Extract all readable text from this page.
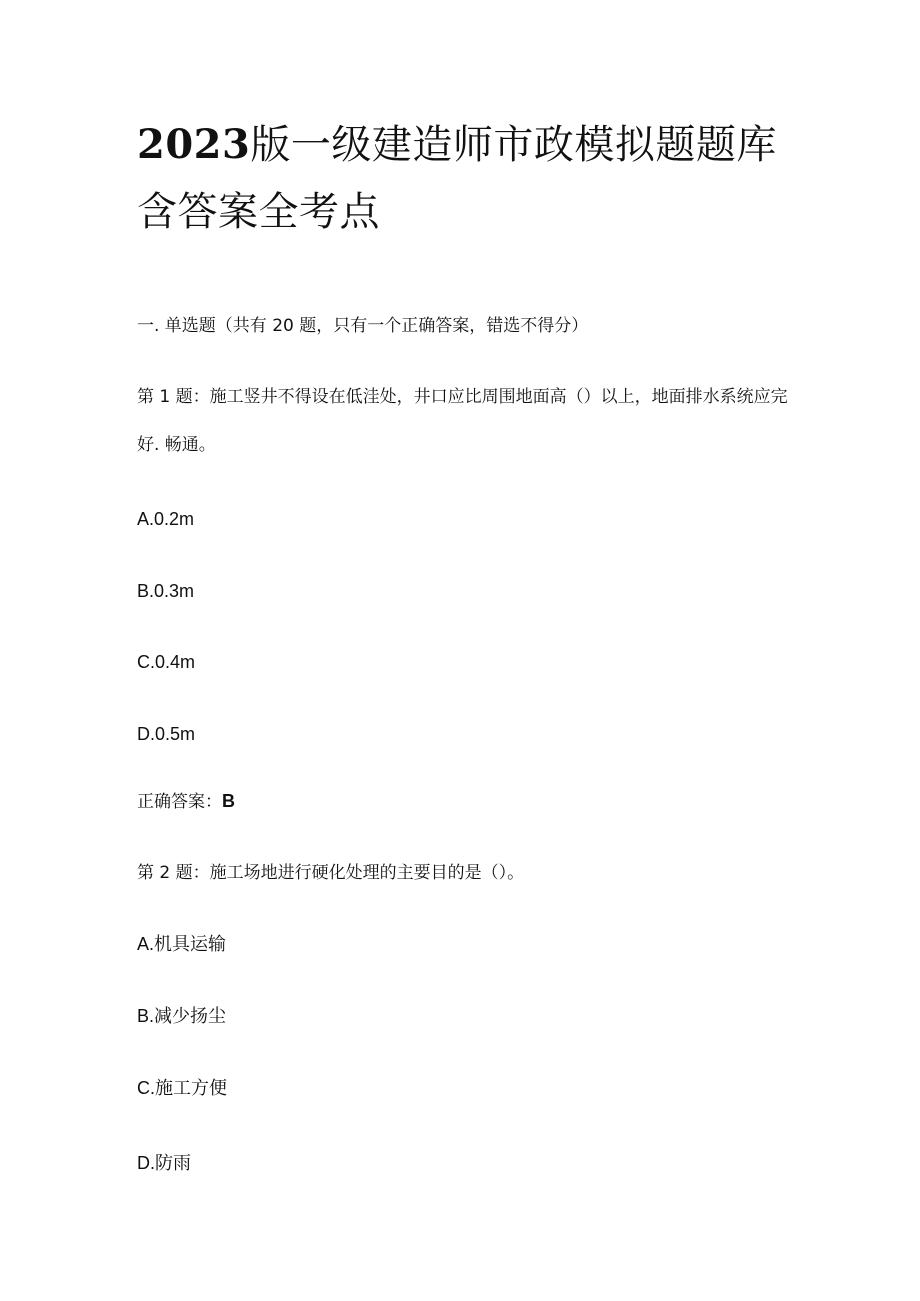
2023版一级建造师市政模拟题题库
含答案全考点

一. 单选题（共有 20 题，只有一个正确答案，错选不得分）

第 1 题：施工竖井不得设在低洼处，井口应比周围地面高（）以上，地面排水系统应完

好. 畅通。

A.0.2m

B.0.3m

C.0.4m

D.0.5m

正确答案：B

第 2 题：施工场地进行硬化处理的主要目的是（）。

A.机具运输

B.减少扬尘

C.施工方便

D.防雨
